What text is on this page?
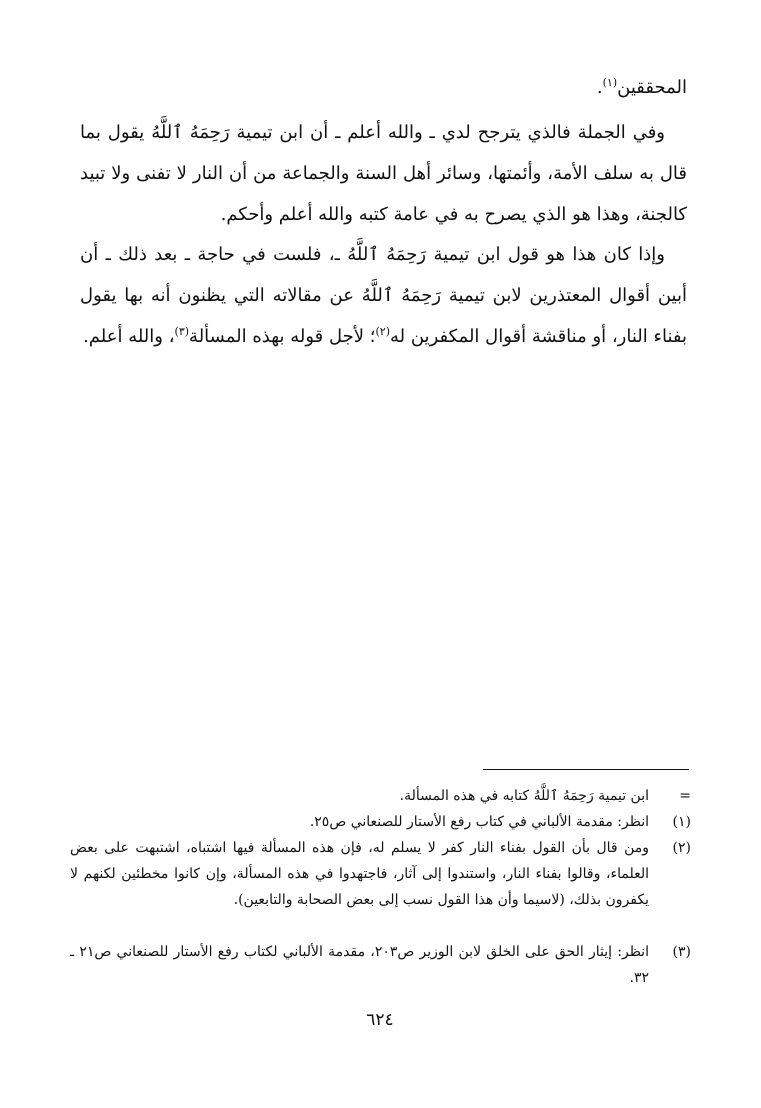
المحققين$^{(١)}$.

وفي الجملة فالذي يترجح لدي ـ والله أعلم ـ أن ابن تيمية رَحِمَهُ ٱللَّهُ يقول بما قال به سلف الأمة، وأئمتها، وسائر أهل السنة والجماعة من أن النار لا تفنى ولا تبيد كالجنة، وهذا هو الذي يصرح به في عامة كتبه والله أعلم وأحكم.

وإذا كان هذا هو قول ابن تيمية رَحِمَهُ ٱللَّهُ ـ، فلست في حاجة ـ بعد ذلك ـ أن أبين أقوال المعتذرين لابن تيمية رَحِمَهُ ٱللَّهُ عن مقالاته التي يظنون أنه بها يقول بفناء النار، أو مناقشة أقوال المكفرين له$^{(٢)}$؛ لأجل قوله بهذه المسألة$^{(٣)}$، والله أعلم.

=
ابن تيمية رَحِمَهُ ٱللَّهُ كتابه في هذه المسألة.

(١)
انظر: مقدمة الألباني في كتاب رفع الأستار للصنعاني ص٢٥.

(٢)
ومن قال بأن القول بفناء النار كفر لا يسلم له، فإن هذه المسألة فيها اشتباه، اشتبهت على بعض العلماء، وقالوا بفناء النار، واستندوا إلى آثار، فاجتهدوا في هذه المسألة، وإن كانوا مخطئين لكنهم لا يكفرون بذلك، (لاسيما وأن هذا القول نسب إلى بعض الصحابة والتابعين).

(٣)
انظر: إيثار الحق على الخلق لابن الوزير ص٢٠٣، مقدمة الألباني لكتاب رفع الأستار للصنعاني ص٢١ ـ ٣٢.

٦٢٤
